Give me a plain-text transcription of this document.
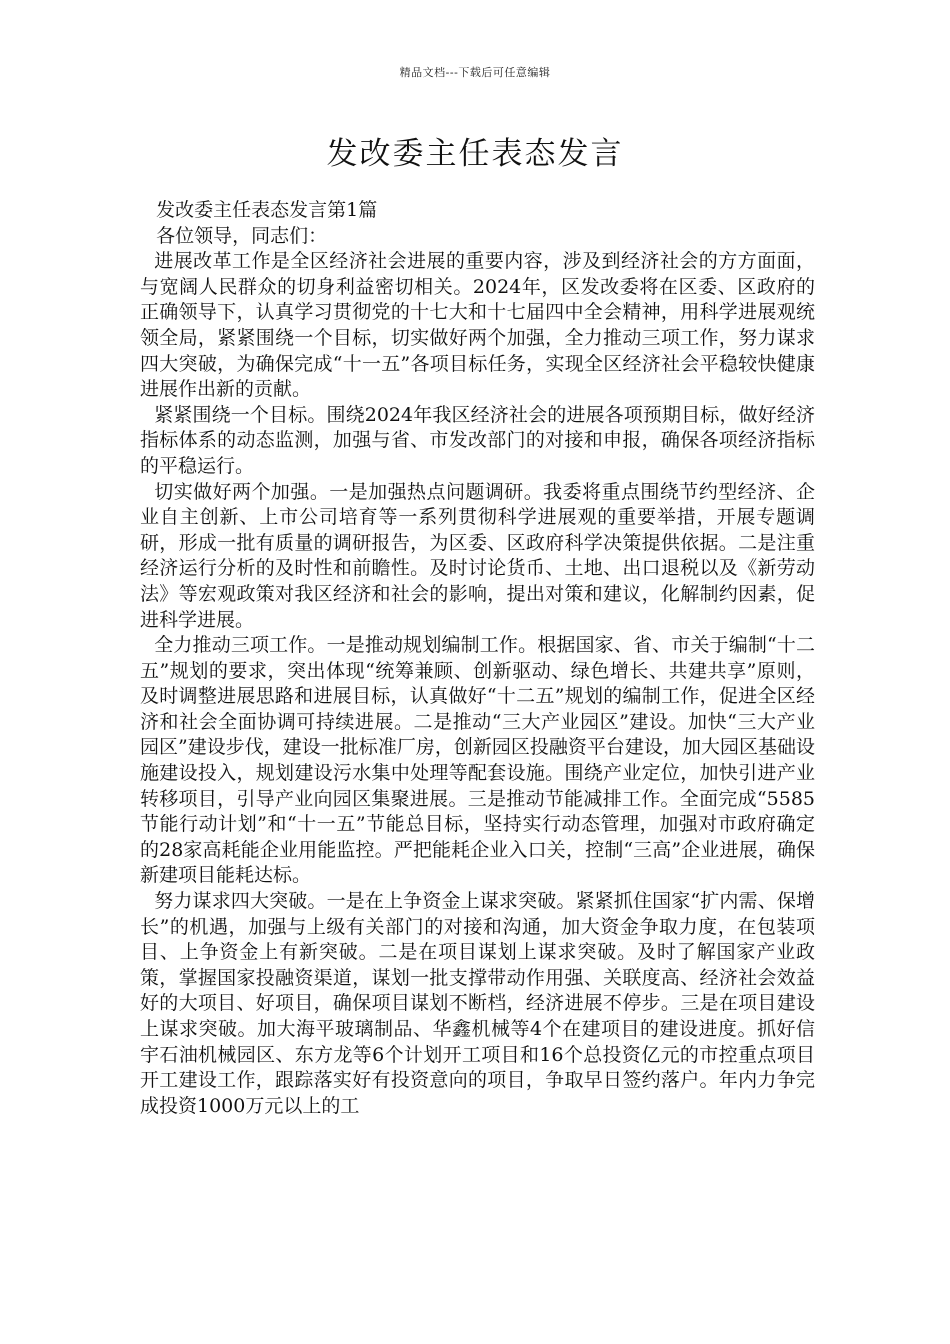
精品文档---下载后可任意编辑
发改委主任表态发言

发改委主任表态发言第1篇

各位领导，同志们：

进展改革工作是全区经济社会进展的重要内容，涉及到经济社会的方方面面，与宽阔人民群众的切身利益密切相关。2024年，区发改委将在区委、区政府的正确领导下，认真学习贯彻党的十七大和十七届四中全会精神，用科学进展观统领全局，紧紧围绕一个目标，切实做好两个加强，全力推动三项工作，努力谋求四大突破，为确保完成“十一五”各项目标任务，实现全区经济社会平稳较快健康进展作出新的贡献。

紧紧围绕一个目标。围绕2024年我区经济社会的进展各项预期目标，做好经济指标体系的动态监测，加强与省、市发改部门的对接和申报，确保各项经济指标的平稳运行。

切实做好两个加强。一是加强热点问题调研。我委将重点围绕节约型经济、企业自主创新、上市公司培育等一系列贯彻科学进展观的重要举措，开展专题调研，形成一批有质量的调研报告，为区委、区政府科学决策提供依据。二是注重经济运行分析的及时性和前瞻性。及时讨论货币、土地、出口退税以及《新劳动法》等宏观政策对我区经济和社会的影响，提出对策和建议，化解制约因素，促进科学进展。

全力推动三项工作。一是推动规划编制工作。根据国家、省、市关于编制“十二五”规划的要求，突出体现“统筹兼顾、创新驱动、绿色增长、共建共享”原则，及时调整进展思路和进展目标，认真做好“十二五”规划的编制工作，促进全区经济和社会全面协调可持续进展。二是推动“三大产业园区”建设。加快“三大产业园区”建设步伐，建设一批标准厂房，创新园区投融资平台建设，加大园区基础设施建设投入，规划建设污水集中处理等配套设施。围绕产业定位，加快引进产业转移项目，引导产业向园区集聚进展。三是推动节能减排工作。全面完成“5585节能行动计划”和“十一五”节能总目标，坚持实行动态管理，加强对市政府确定的28家高耗能企业用能监控。严把能耗企业入口关，控制“三高”企业进展，确保新建项目能耗达标。

努力谋求四大突破。一是在上争资金上谋求突破。紧紧抓住国家“扩内需、保增长”的机遇，加强与上级有关部门的对接和沟通，加大资金争取力度，在包装项目、上争资金上有新突破。二是在项目谋划上谋求突破。及时了解国家产业政策，掌握国家投融资渠道，谋划一批支撑带动作用强、关联度高、经济社会效益好的大项目、好项目，确保项目谋划不断档，经济进展不停步。三是在项目建设上谋求突破。加大海平玻璃制品、华鑫机械等4个在建项目的建设进度。抓好信宇石油机械园区、东方龙等6个计划开工项目和16个总投资亿元的市控重点项目开工建设工作，跟踪落实好有投资意向的项目，争取早日签约落户。年内力争完成投资1000万元以上的工
